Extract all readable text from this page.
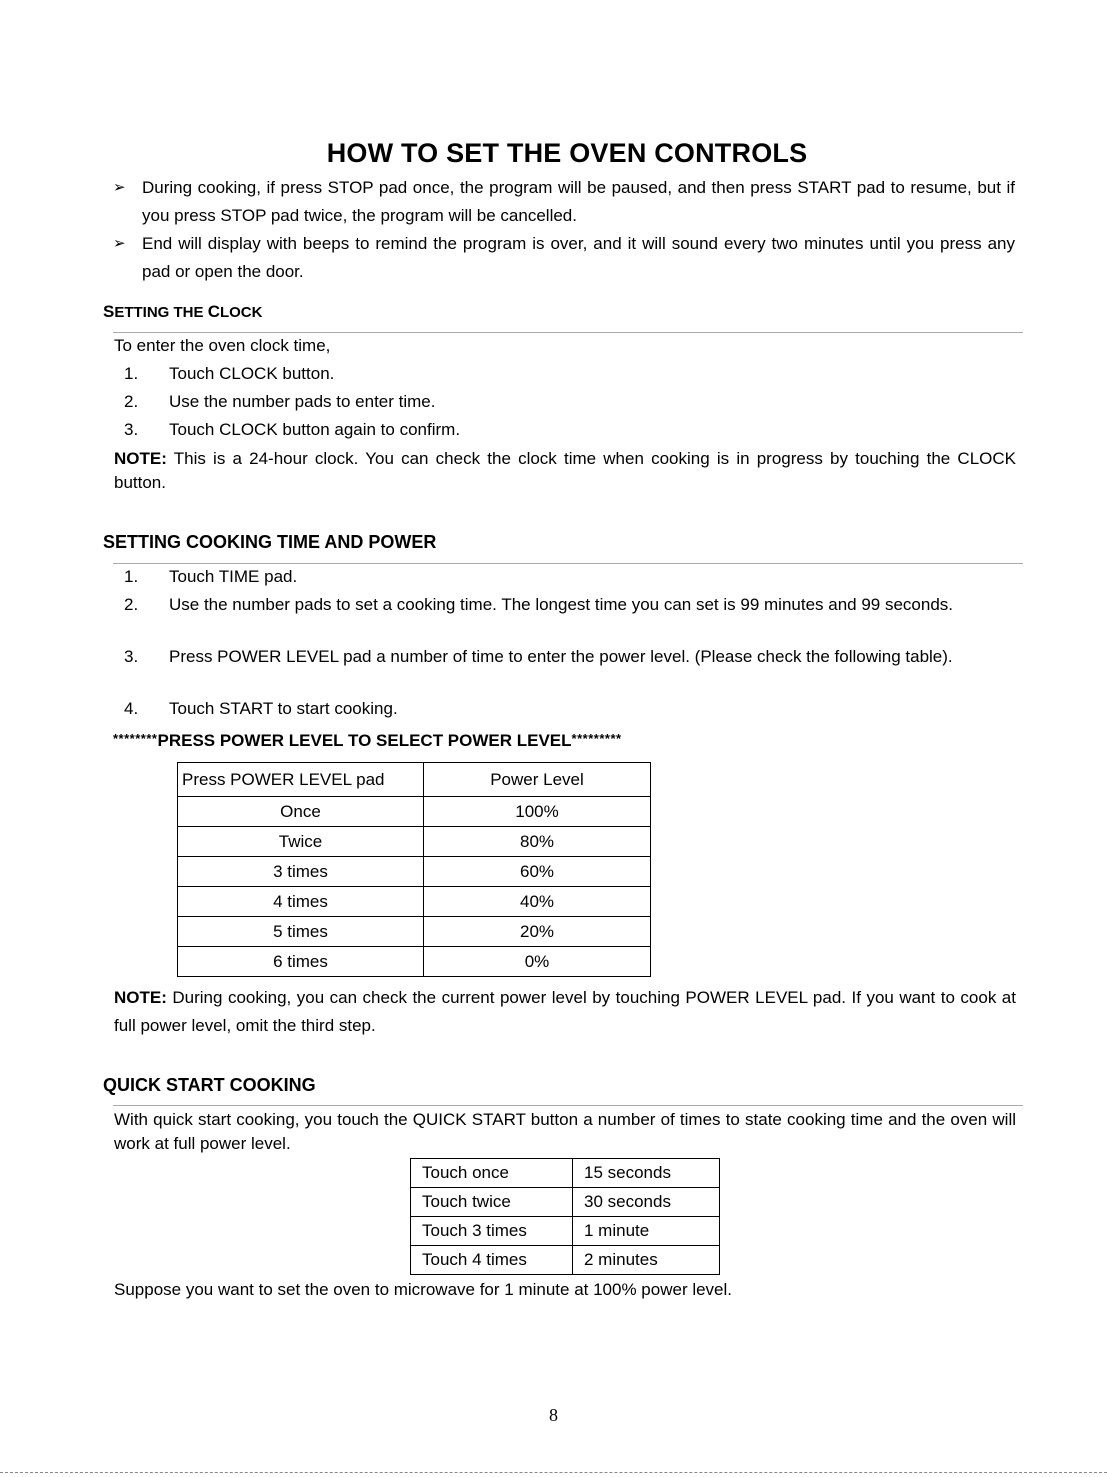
HOW TO SET THE OVEN CONTROLS
➢ During cooking, if press STOP pad once, the program will be paused, and then press START pad to resume, but if you press STOP pad twice, the program will be cancelled.
➢ End will display with beeps to remind the program is over, and it will sound every two minutes until you press any pad or open the door.
SETTING THE CLOCK
To enter the oven clock time,
1.	Touch CLOCK button.
2.	Use the number pads to enter time.
3.	Touch CLOCK button again to confirm.
NOTE: This is a 24-hour clock. You can check the clock time when cooking is in progress by touching the CLOCK button.
SETTING COOKING TIME AND POWER
1.	Touch TIME pad.
2.	Use the number pads to set a cooking time. The longest time you can set is 99 minutes and 99 seconds.
3.	Press POWER LEVEL pad a number of time to enter the power level. (Please check the following table).
4.	Touch START to start cooking.
********PRESS POWER LEVEL TO SELECT POWER LEVEL*********
Press POWER LEVEL pad	Power Level
Once	100%
Twice	80%
3 times	60%
4 times	40%
5 times	20%
6 times	0%
NOTE: During cooking, you can check the current power level by touching POWER LEVEL pad. If you want to cook at full power level, omit the third step.
QUICK START COOKING
With quick start cooking, you touch the QUICK START button a number of times to state cooking time and the oven will work at full power level.
Touch once	15 seconds
Touch twice	30 seconds
Touch 3 times	1 minute
Touch 4 times	2 minutes
Suppose you want to set the oven to microwave for 1 minute at 100% power level.
8
